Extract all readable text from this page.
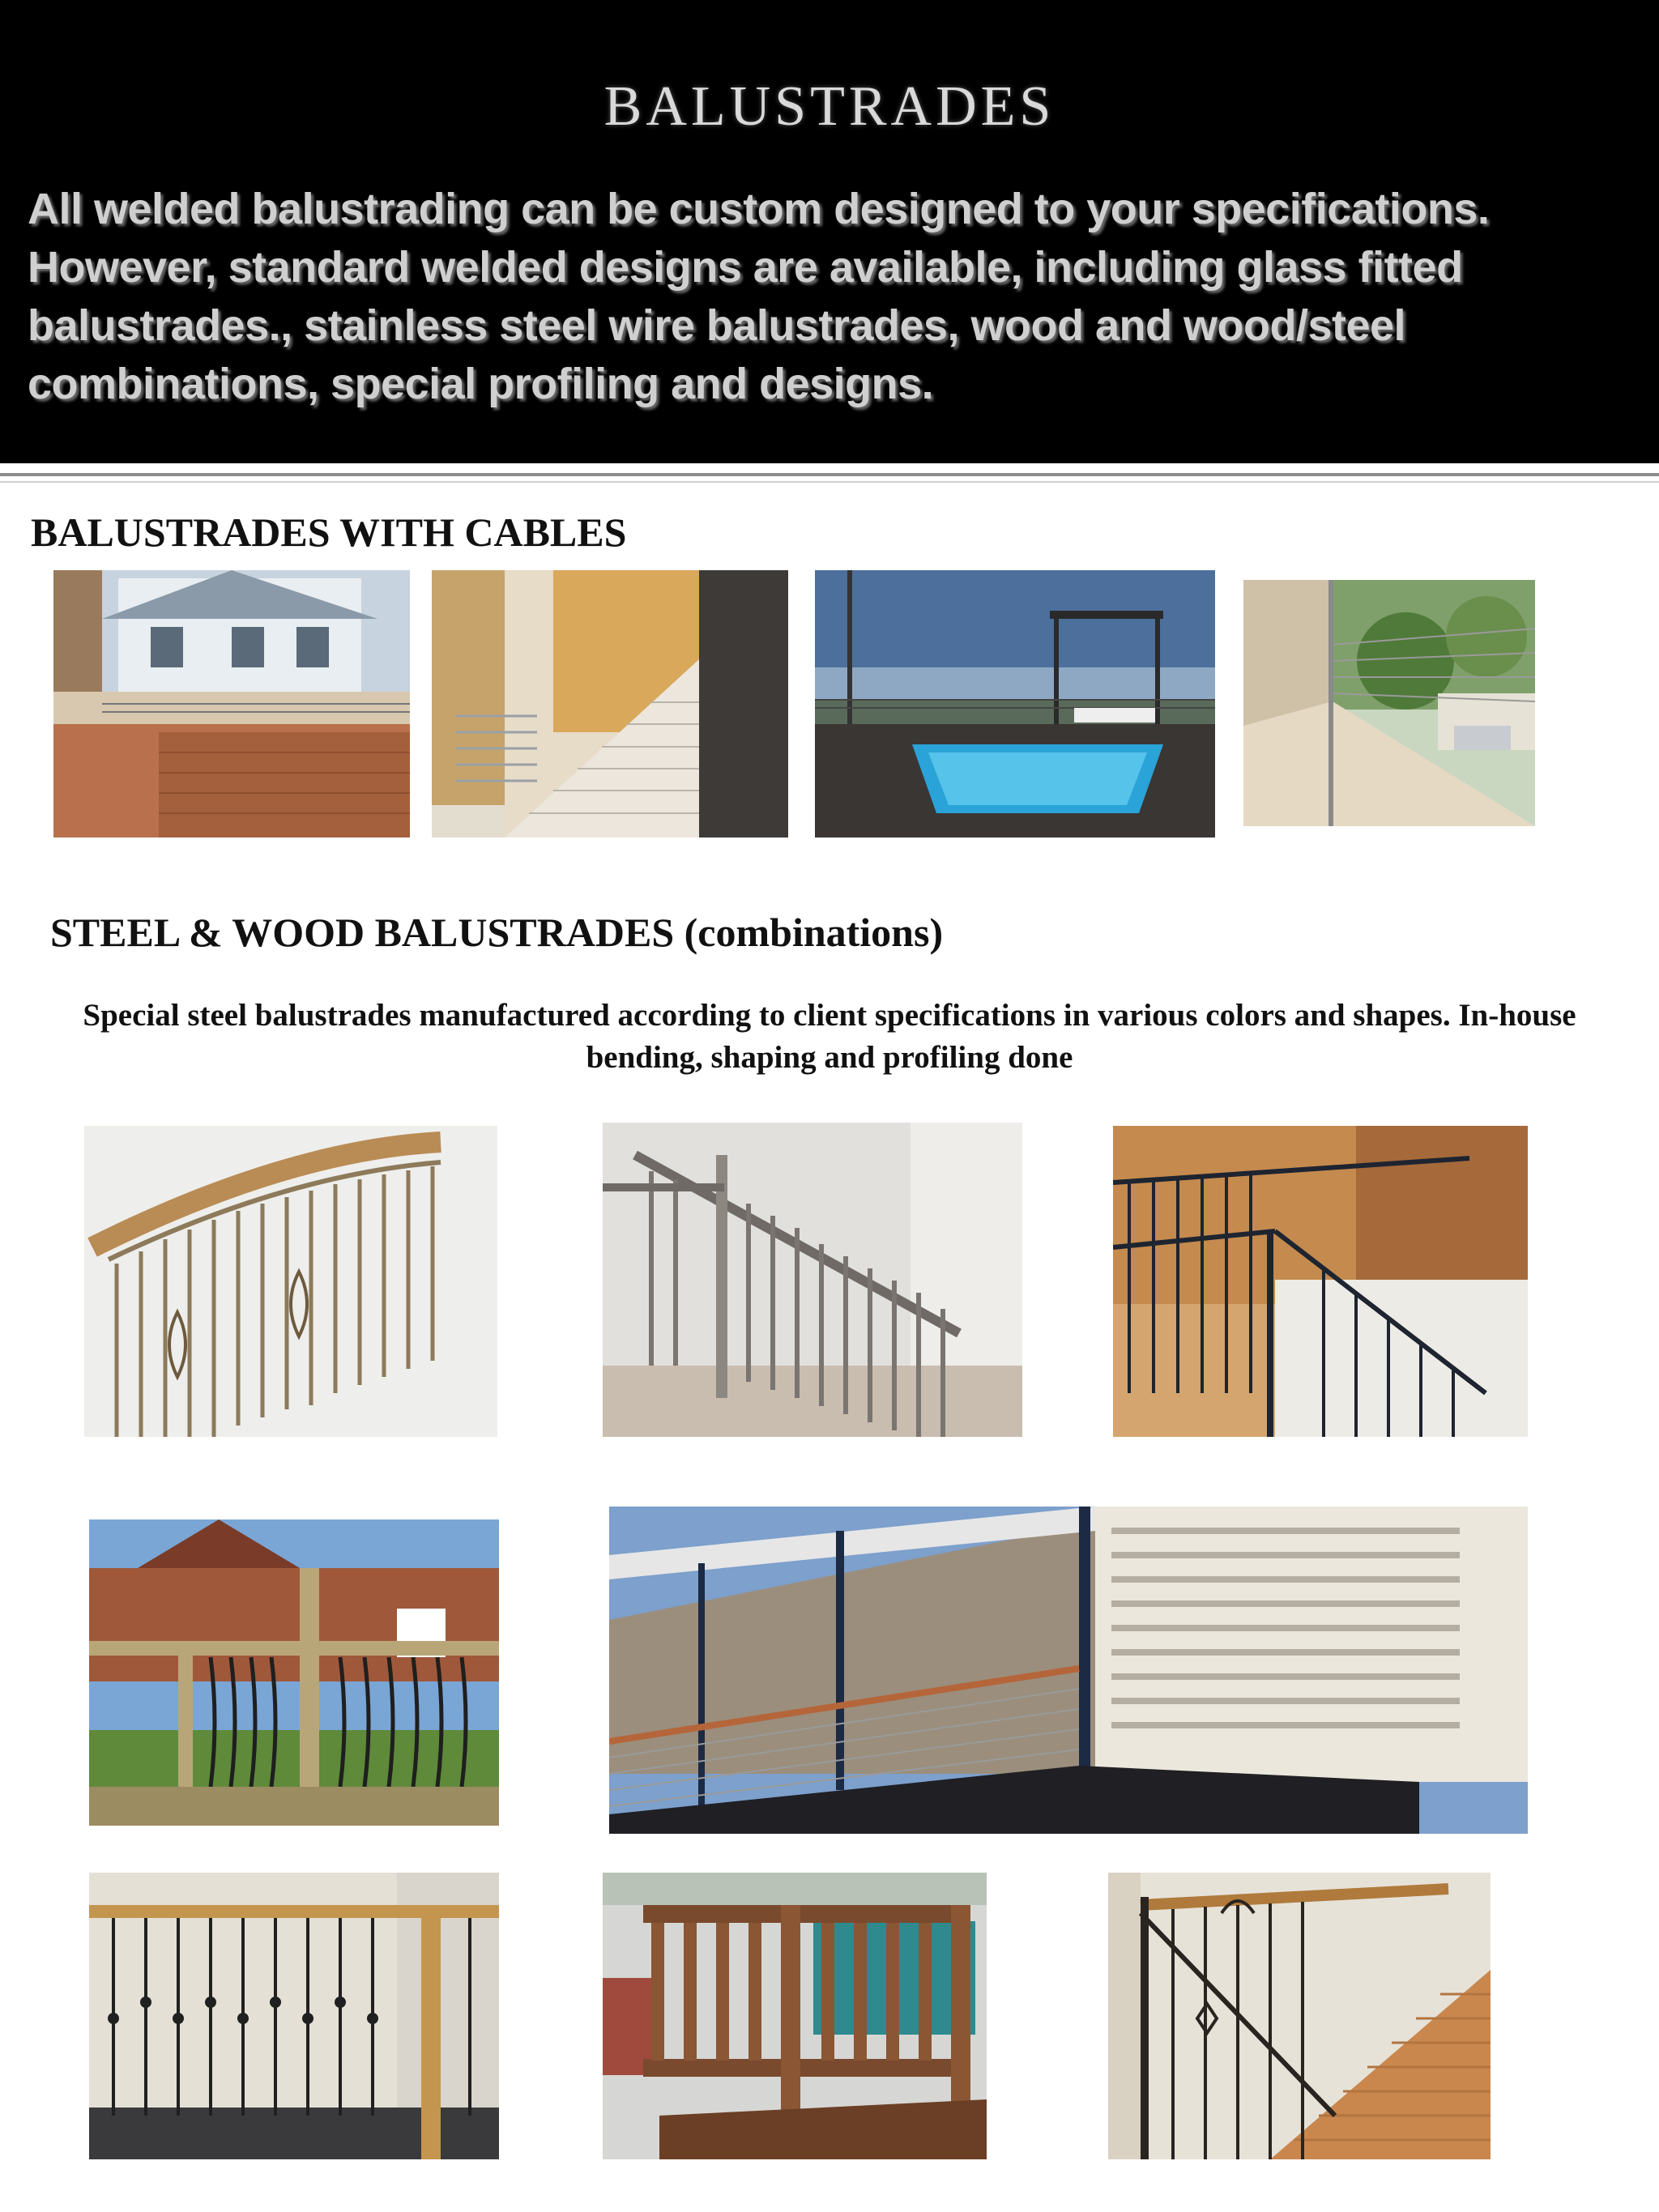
BALUSTRADES
All welded balustrading can be custom designed to your specifications. However, standard welded designs are available, including glass fitted balustrades., stainless steel wire balustrades, wood and wood/steel combinations, special profiling and designs.
BALUSTRADES WITH CABLES
STEEL & WOOD BALUSTRADES (combinations)
Special steel balustrades manufactured according to client specifications in various colors and shapes. In-house bending, shaping and profiling done
